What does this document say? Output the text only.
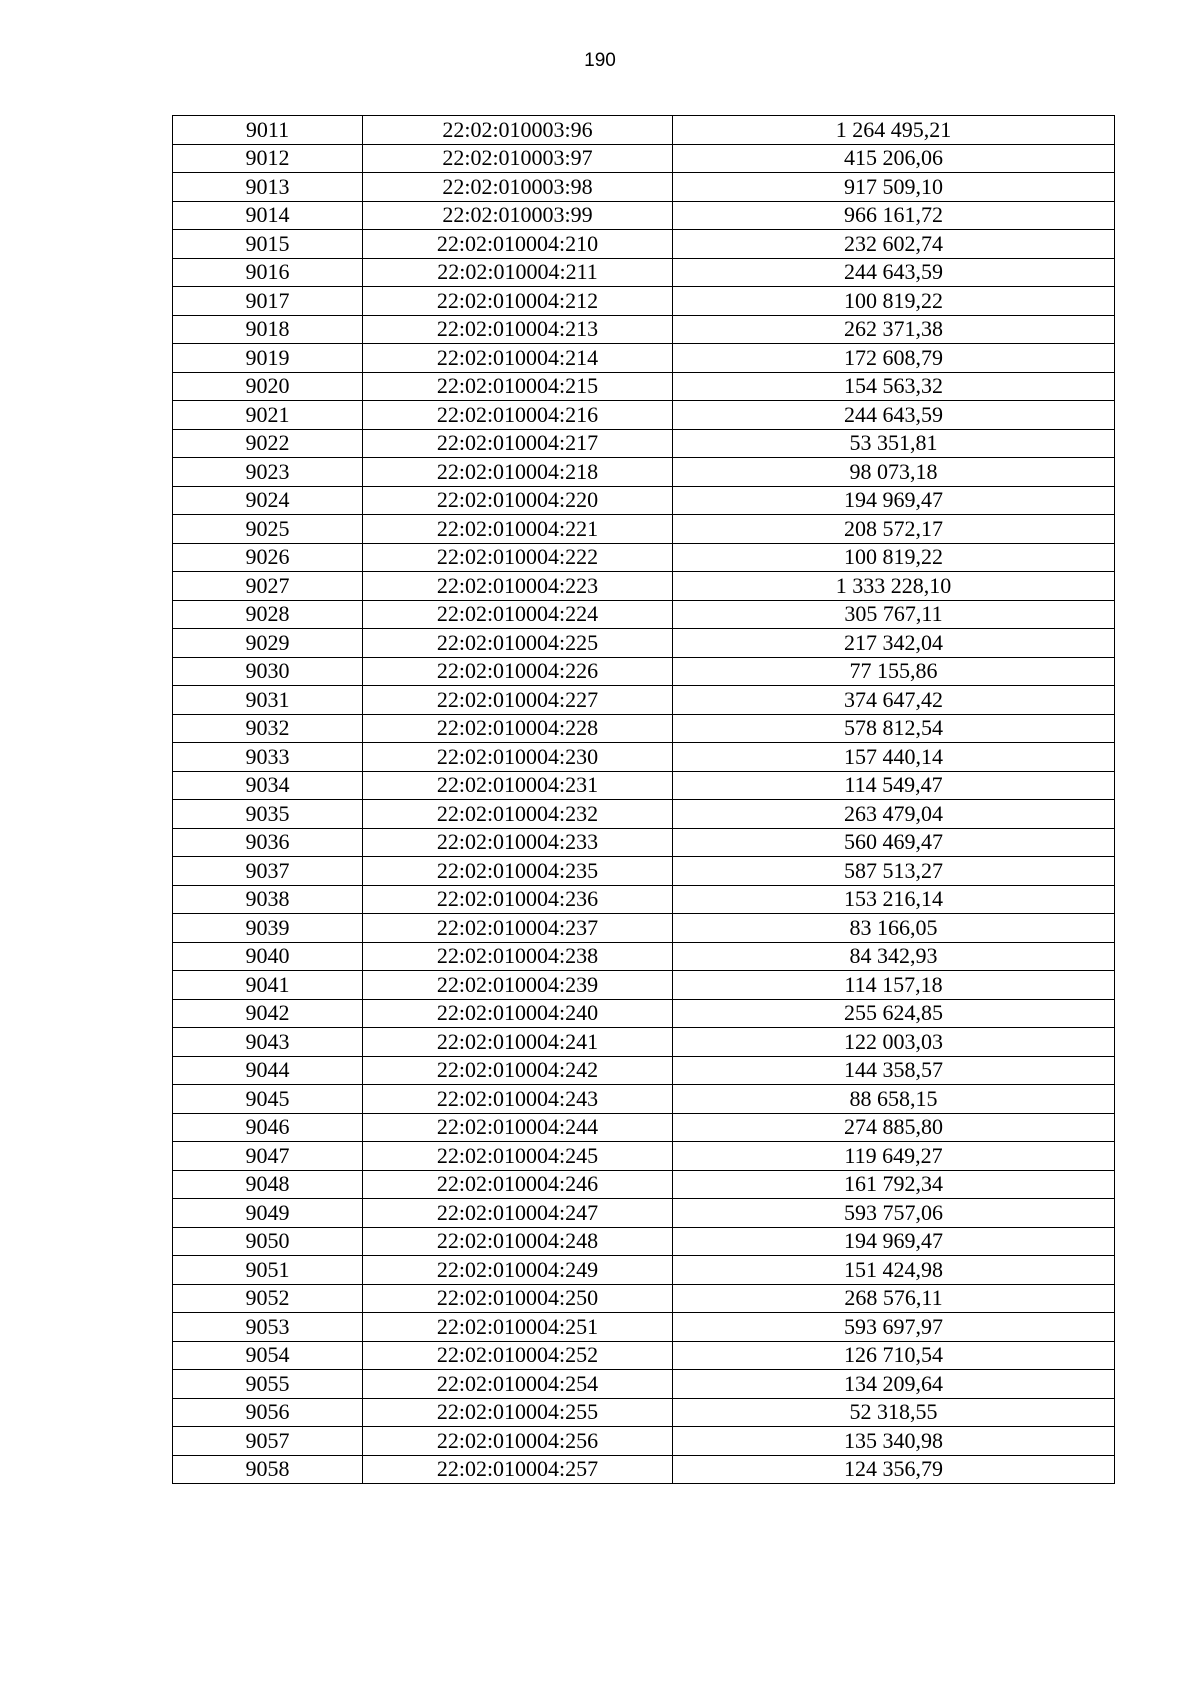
190
9011	22:02:010003:96	1 264 495,21
9012	22:02:010003:97	415 206,06
9013	22:02:010003:98	917 509,10
9014	22:02:010003:99	966 161,72
9015	22:02:010004:210	232 602,74
9016	22:02:010004:211	244 643,59
9017	22:02:010004:212	100 819,22
9018	22:02:010004:213	262 371,38
9019	22:02:010004:214	172 608,79
9020	22:02:010004:215	154 563,32
9021	22:02:010004:216	244 643,59
9022	22:02:010004:217	53 351,81
9023	22:02:010004:218	98 073,18
9024	22:02:010004:220	194 969,47
9025	22:02:010004:221	208 572,17
9026	22:02:010004:222	100 819,22
9027	22:02:010004:223	1 333 228,10
9028	22:02:010004:224	305 767,11
9029	22:02:010004:225	217 342,04
9030	22:02:010004:226	77 155,86
9031	22:02:010004:227	374 647,42
9032	22:02:010004:228	578 812,54
9033	22:02:010004:230	157 440,14
9034	22:02:010004:231	114 549,47
9035	22:02:010004:232	263 479,04
9036	22:02:010004:233	560 469,47
9037	22:02:010004:235	587 513,27
9038	22:02:010004:236	153 216,14
9039	22:02:010004:237	83 166,05
9040	22:02:010004:238	84 342,93
9041	22:02:010004:239	114 157,18
9042	22:02:010004:240	255 624,85
9043	22:02:010004:241	122 003,03
9044	22:02:010004:242	144 358,57
9045	22:02:010004:243	88 658,15
9046	22:02:010004:244	274 885,80
9047	22:02:010004:245	119 649,27
9048	22:02:010004:246	161 792,34
9049	22:02:010004:247	593 757,06
9050	22:02:010004:248	194 969,47
9051	22:02:010004:249	151 424,98
9052	22:02:010004:250	268 576,11
9053	22:02:010004:251	593 697,97
9054	22:02:010004:252	126 710,54
9055	22:02:010004:254	134 209,64
9056	22:02:010004:255	52 318,55
9057	22:02:010004:256	135 340,98
9058	22:02:010004:257	124 356,79
